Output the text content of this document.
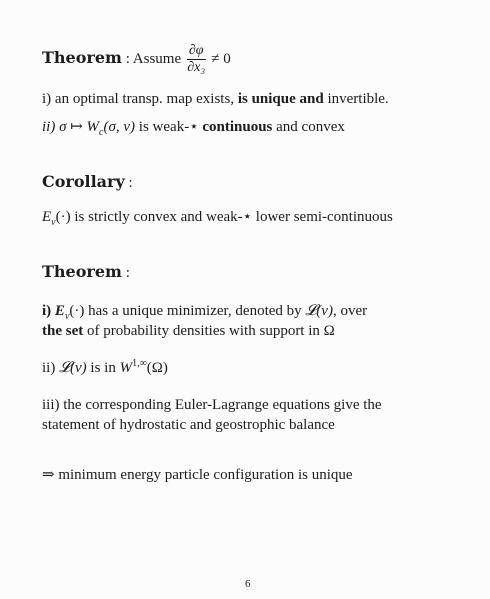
Theorem : Assume $\frac{\partial\varphi}{\text{∂x₃}} \ne 0$
i) an optimal transp. map exists, is unique and invertible.
ii) σ ↦ $W_c(\sigma$, ν) is weak-⋆ continuous and convex
Corollary :
$E_\nu(\cdot)$ is strictly convex and weak-⋆ lower semi-continuous
Theorem :
i) $E_\nu(\cdot)$ has a unique minimizer, denoted by 𝓛(ν), over
the set of probability densities with support in Ω
ii) 𝓛(ν) is in $W^{1,\infty}(\Omega)$
iii) the corresponding Euler-Lagrange equations give the
statement of hydrostatic and geostrophic balance
⇒ minimum energy particle configuration is unique
6
